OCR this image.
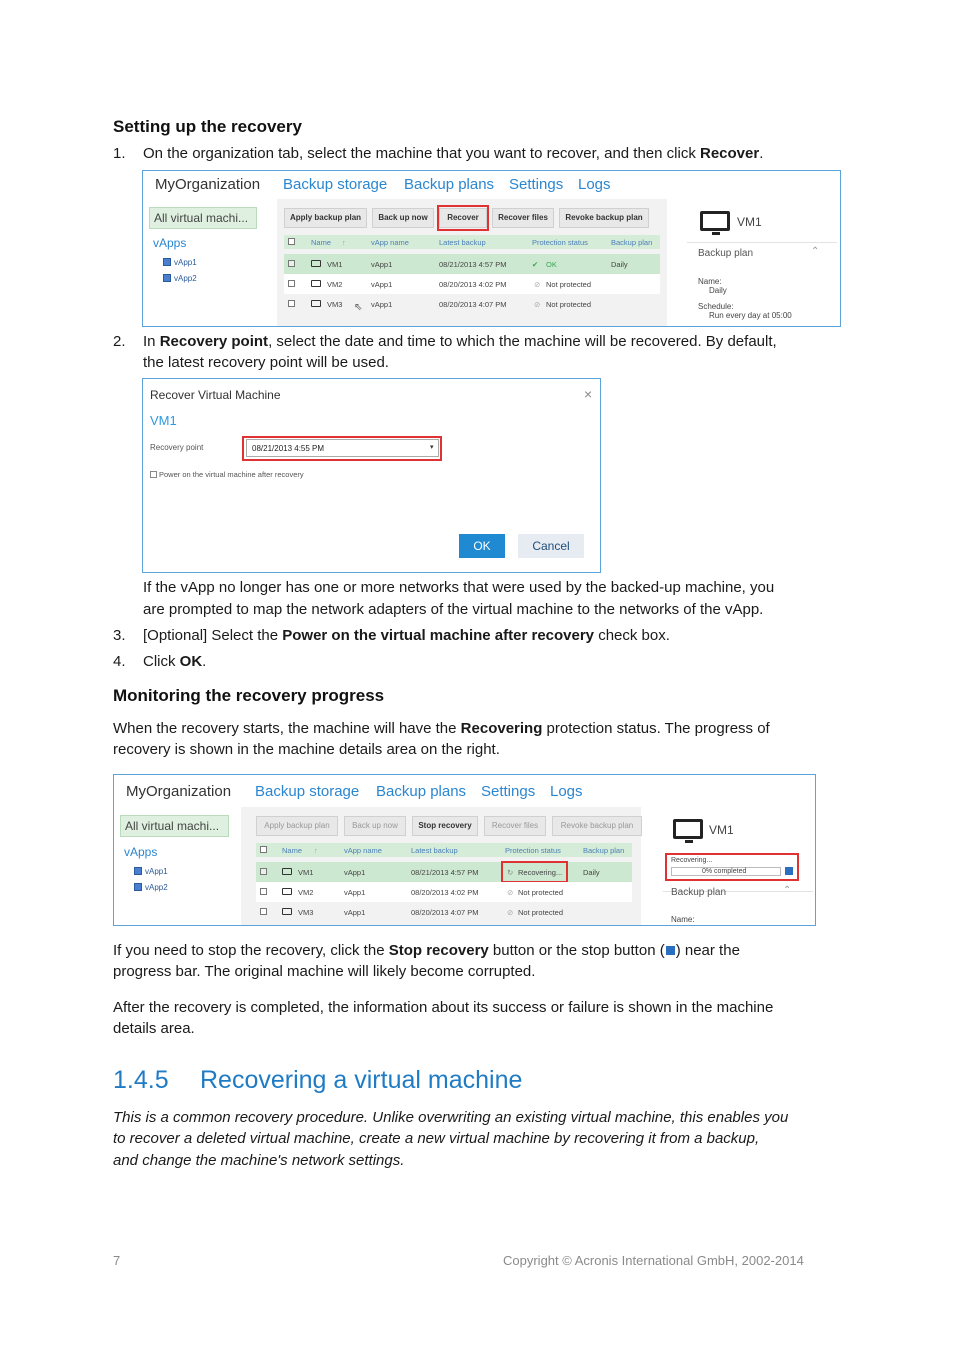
Setting up the recovery
1. On the organization tab, select the machine that you want to recover, and then click Recover.
MyOrganization Backup storage Backup plans Settings Logs
All virtual machi...
vApps
vApp1
vApp2
Apply backup plan	Back up now	Recover	Recover files	Revoke backup plan
Name ↑	vApp name	Latest backup	Protection status	Backup plan
VM1	vApp1	08/21/2013 4:57 PM	✔ OK	Daily
VM2	vApp1	08/20/2013 4:02 PM	⊘ Not protected
VM3 ⇖ vApp1	08/20/2013 4:07 PM	⊘ Not protected
VM1
Backup plan	⌃
Name:
Daily
Schedule:
Run every day at 05:00
2. In Recovery point, select the date and time to which the machine will be recovered. By default,
the latest recovery point will be used.
Recover Virtual Machine	×
VM1
Recovery point	08/21/2013 4:55 PM	▾
Power on the virtual machine after recovery
OK	Cancel
If the vApp no longer has one or more networks that were used by the backed-up machine, you
are prompted to map the network adapters of the virtual machine to the networks of the vApp.
3. [Optional] Select the Power on the virtual machine after recovery check box.
4. Click OK.
Monitoring the recovery progress
When the recovery starts, the machine will have the Recovering protection status. The progress of
recovery is shown in the machine details area on the right.
MyOrganization Backup storage Backup plans Settings Logs
All virtual machi...
vApps
vApp1
vApp2
Apply backup plan	Back up now	Stop recovery	Recover files	Revoke backup plan
Name ↑	vApp name	Latest backup	Protection status	Backup plan
VM1	vApp1	08/21/2013 4:57 PM	↻ Recovering...	Daily
VM2	vApp1	08/20/2013 4:02 PM	⊘ Not protected
VM3	vApp1	08/20/2013 4:07 PM	⊘ Not protected
VM1
Recovering...
0% completed
Backup plan	⌃
Name:
If you need to stop the recovery, click the Stop recovery button or the stop button ( ) near the
progress bar. The original machine will likely become corrupted.
After the recovery is completed, the information about its success or failure is shown in the machine
details area.
1.4.5 Recovering a virtual machine
This is a common recovery procedure. Unlike overwriting an existing virtual machine, this enables you
to recover a deleted virtual machine, create a new virtual machine by recovering it from a backup,
and change the machine's network settings.
7	Copyright © Acronis International GmbH, 2002-2014
